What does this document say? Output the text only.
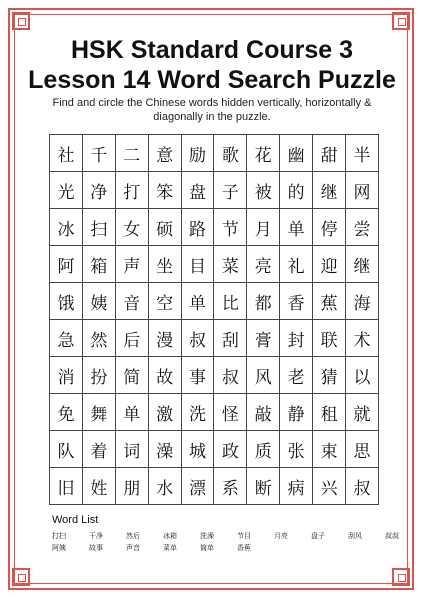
HSK Standard Course 3
Lesson 14 Word Search Puzzle
Find and circle the Chinese words hidden vertically, horizontally & diagonally in the puzzle.
社	千	二	意	励	歌	花	幽	甜	半
光	净	打	笨	盘	子	被	的	继	网
冰	扫	女	硕	路	节	月	单	停	尝
阿	箱	声	坐	目	菜	亮	礼	迎	继
饿	姨	音	空	单	比	都	香	蕉	海
急	然	后	漫	叔	刮	膏	封	联	术
消	扮	简	故	事	叔	风	老	猜	以
免	舞	单	激	洗	怪	敲	静	租	就
队	着	词	澡	城	政	质	张	束	思
旧	姓	朋	水	漂	系	断	病	兴	叔
Word List
打扫	干净	然后	冰箱	洗澡	节目	月亮	盘子	刮风	叔叔
阿姨	故事	声音	菜单	简单	香蕉
